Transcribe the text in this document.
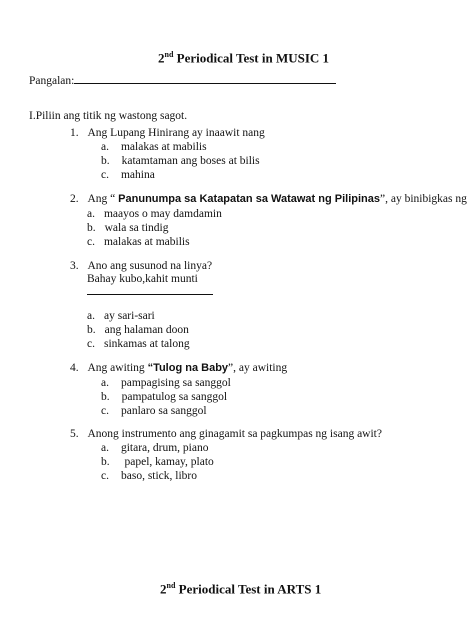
2nd Periodical Test in MUSIC 1
Pangalan:
I.Piliin ang titik ng wastong sagot.
1. Ang Lupang Hinirang ay inaawit nang
a. malakas at mabilis
b. katamtaman ang boses at bilis
c. mahina
2. Ang “ Panunumpa sa Katapatan sa Watawat ng Pilipinas”, ay binibigkas ng
a. maayos o may damdamin
b. wala sa tindig
c. malakas at mabilis
3. Ano ang susunod na linya?
Bahay kubo,kahit munti
a. ay sari-sari
b. ang halaman doon
c. sinkamas at talong
4. Ang awiting “Tulog na Baby”, ay awiting
a. pampagising sa sanggol
b. pampatulog sa sanggol
c. panlaro sa sanggol
5. Anong instrumento ang ginagamit sa pagkumpas ng isang awit?
a. gitara, drum, piano
b. papel, kamay, plato
c. baso, stick, libro
2nd Periodical Test in ARTS 1
